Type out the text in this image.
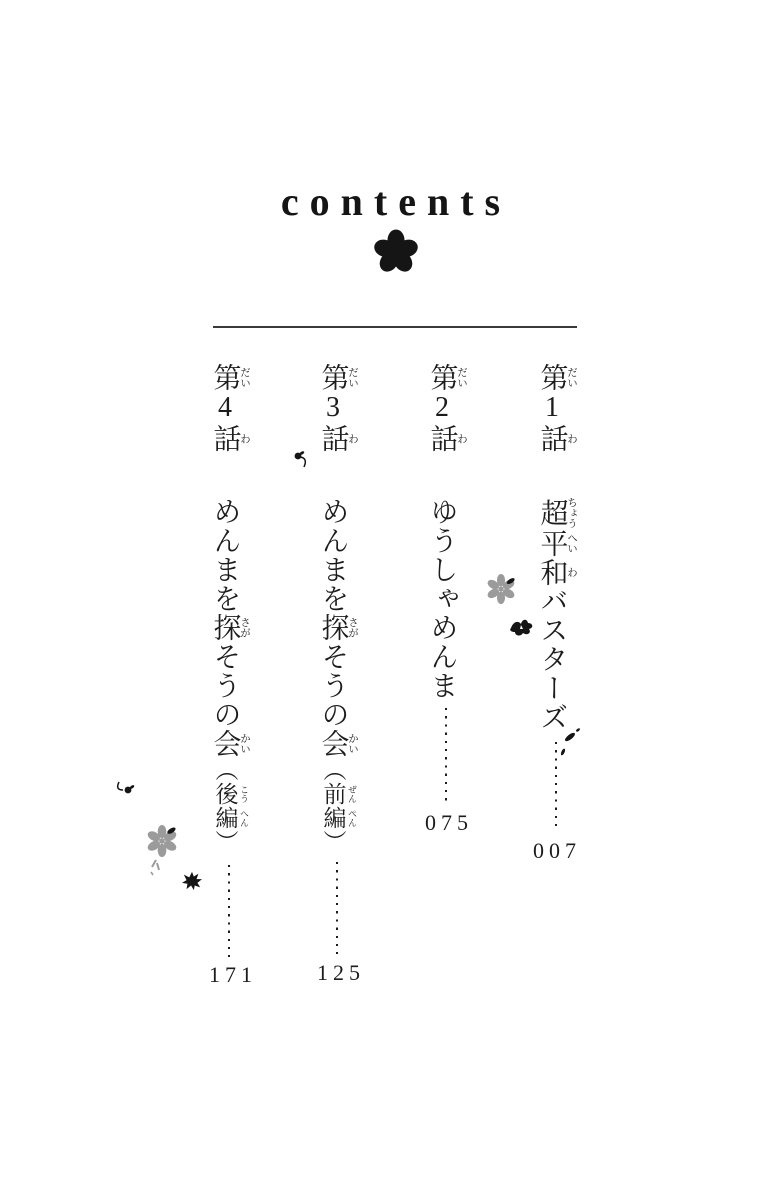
contents
第だい1話わ超ちょう平へい和わバスターズ
第だい2話わゆうしゃめんま
第だい3話わめんまを探さがそうの会かい（前 ぜん編 ぺん）
第だい4話わめんまを探さがそうの会かい（後 こう編 へん）	007
075
125
171
